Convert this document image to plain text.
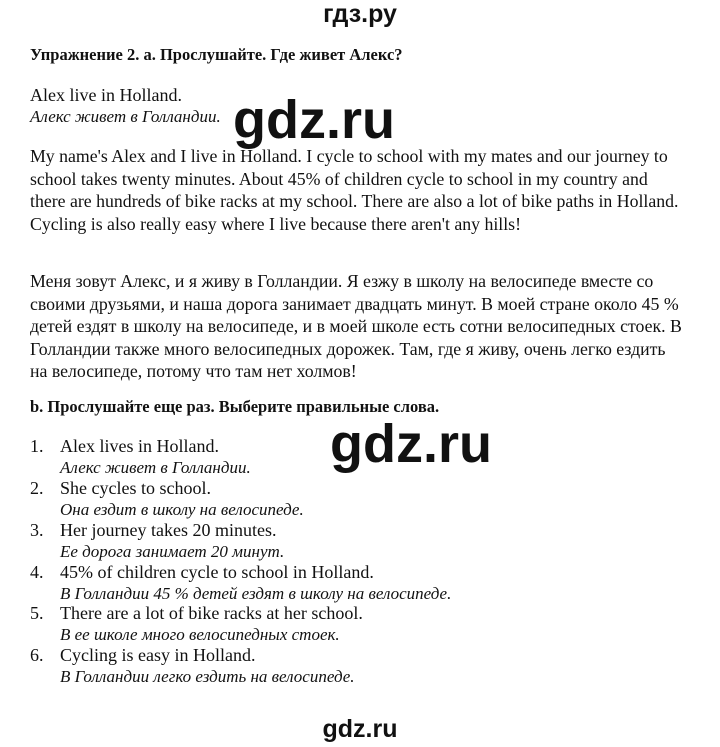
гдз.ру
Упражнение 2. a. Прослушайте. Где живет Алекс?
Alex live in Holland.
Алекс живет в Голландии. gdz.ru
My name's Alex and I live in Holland. I cycle to school with my mates and our journey to school takes twenty minutes. About 45% of children cycle to school in my country and there are hundreds of bike racks at my school. There are also a lot of bike paths in Holland. Cycling is also really easy where I live because there aren't any hills!
Меня зовут Алекс, и я живу в Голландии. Я езжу в школу на велосипеде вместе со своими друзьями, и наша дорога занимает двадцать минут. В моей стране около 45 % детей ездят в школу на велосипеде, и в моей школе есть сотни велосипедных стоек. В Голландии также много велосипедных дорожек. Там, где я живу, очень легко ездить на велосипеде, потому что там нет холмов!
b. Прослушайте еще раз. Выберите правильные слова.
gdz.ru
1. Alex lives in Holland.
Алекс живет в Голландии.
2. She cycles to school.
Она ездит в школу на велосипеде.
3. Her journey takes 20 minutes.
Ее дорога занимает 20 минут.
4. 45% of children cycle to school in Holland.
В Голландии 45 % детей ездят в школу на велосипеде.
5. There are a lot of bike racks at her school.
В ее школе много велосипедных стоек.
6. Cycling is easy in Holland.
В Голландии легко ездить на велосипеде.
gdz.ru
